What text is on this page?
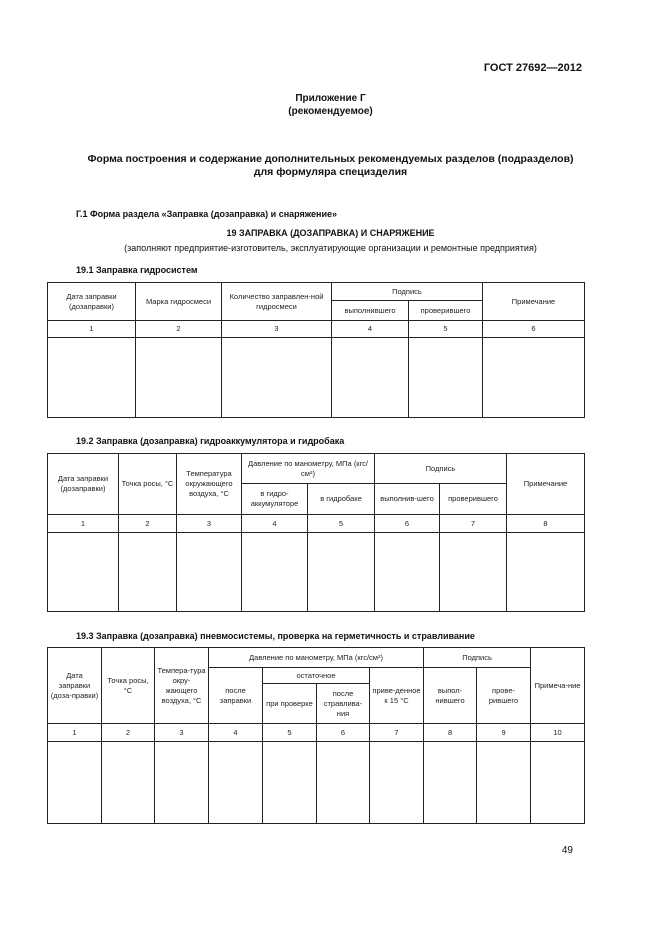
ГОСТ 27692—2012
Приложение Г
(рекомендуемое)
Форма построения и содержание дополнительных рекомендуемых разделов (подразделов)
для формуляра специзделия
Г.1 Форма раздела «Заправка (дозаправка) и снаряжение»
19 ЗАПРАВКА (ДОЗАПРАВКА) И СНАРЯЖЕНИЕ
(заполняют предприятие-изготовитель, эксплуатирующие организации и ремонтные предприятия)
19.1 Заправка гидросистем
Дата заправки (дозаправки)	Марка гидросмеси	Количество заправлен-ной гидросмеси	Подпись		Примечание
			выполнившего	проверившего	
1	2	3	4	5	6

19.2 Заправка (дозаправка) гидроаккумулятора и гидробака
Дата заправки (дозаправки)	Точка росы, °С	Температура окружающего воздуха, °С	Давление по манометру, МПа (кгс/см²)		Подпись		Примечание
			в гидро-аккумуляторе	в гидробаке	выполнив-шего	проверившего	
1	2	3	4	5	6	7	8

19.3 Заправка (дозаправка) пневмосистемы, проверка на герметичность и стравливание
Дата заправки (доза-правки)	Точка росы, °С	Темпера-тура окру-жающего воздуха, °С	Давление по манометру, МПа (кгс/см²)				Подпись		Примеча-ние
			после заправки	остаточное		приве-денное к 15 °С	выпол-нившего	прове-рившего	
				при проверке	после стравлива-ния				
1	2	3	4	5	6	7	8	9	10

49
